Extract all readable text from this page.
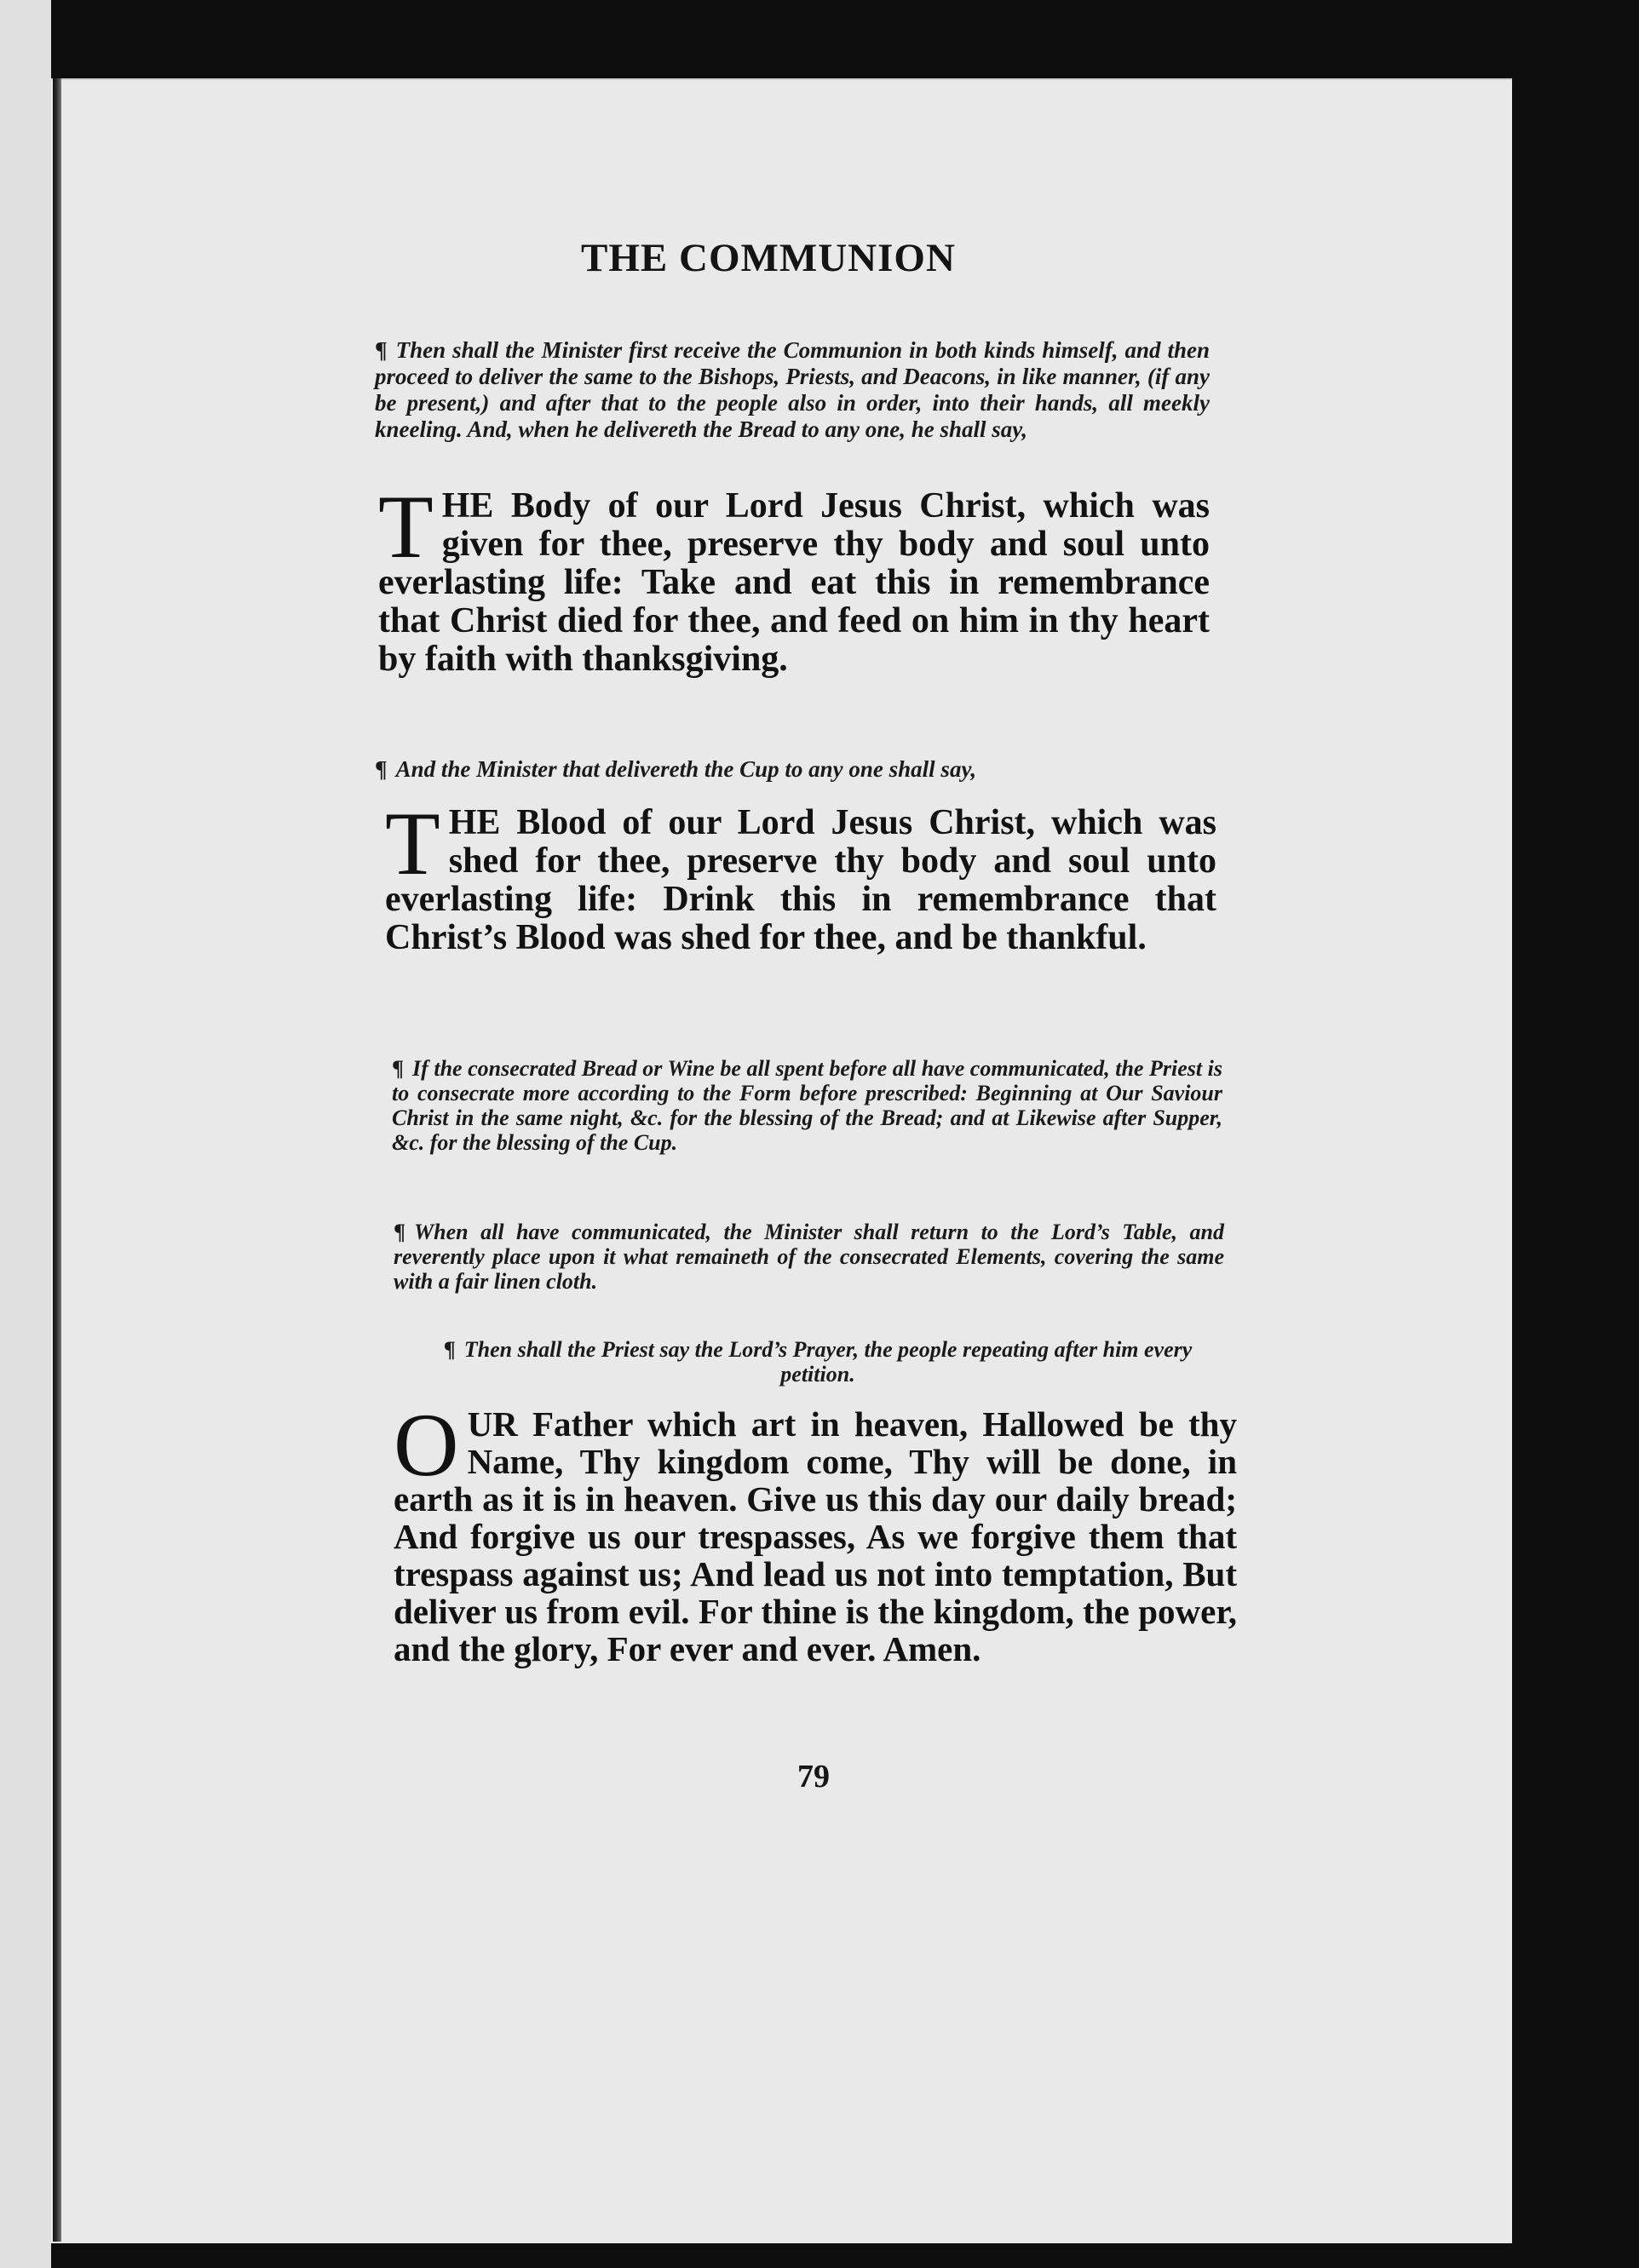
THE COMMUNION
¶ Then shall the Minister first receive the Communion in both kinds himself, and then proceed to deliver the same to the Bishops, Priests, and Deacons, in like manner, (if any be present,) and after that to the people also in order, into their hands, all meekly kneeling. And, when he delivereth the Bread to any one, he shall say,
THE Body of our Lord Jesus Christ, which was given for thee, preserve thy body and soul unto everlasting life: Take and eat this in remembrance that Christ died for thee, and feed on him in thy heart by faith with thanksgiving.
¶ And the Minister that delivereth the Cup to any one shall say,
THE Blood of our Lord Jesus Christ, which was shed for thee, preserve thy body and soul unto everlasting life: Drink this in remembrance that Christ’s Blood was shed for thee, and be thankful.
¶ If the consecrated Bread or Wine be all spent before all have communicated, the Priest is to consecrate more according to the Form before prescribed: Beginning at Our Saviour Christ in the same night, &c. for the blessing of the Bread; and at Likewise after Supper, &c. for the blessing of the Cup.
¶ When all have communicated, the Minister shall return to the Lord’s Table, and reverently place upon it what remaineth of the consecrated Elements, covering the same with a fair linen cloth.
¶ Then shall the Priest say the Lord’s Prayer, the people repeating after him every petition.
OUR Father which art in heaven, Hallowed be thy Name, Thy kingdom come, Thy will be done, in earth as it is in heaven. Give us this day our daily bread; And forgive us our trespasses, As we forgive them that trespass against us; And lead us not into temptation, But deliver us from evil. For thine is the kingdom, the power, and the glory, For ever and ever. Amen.
79
